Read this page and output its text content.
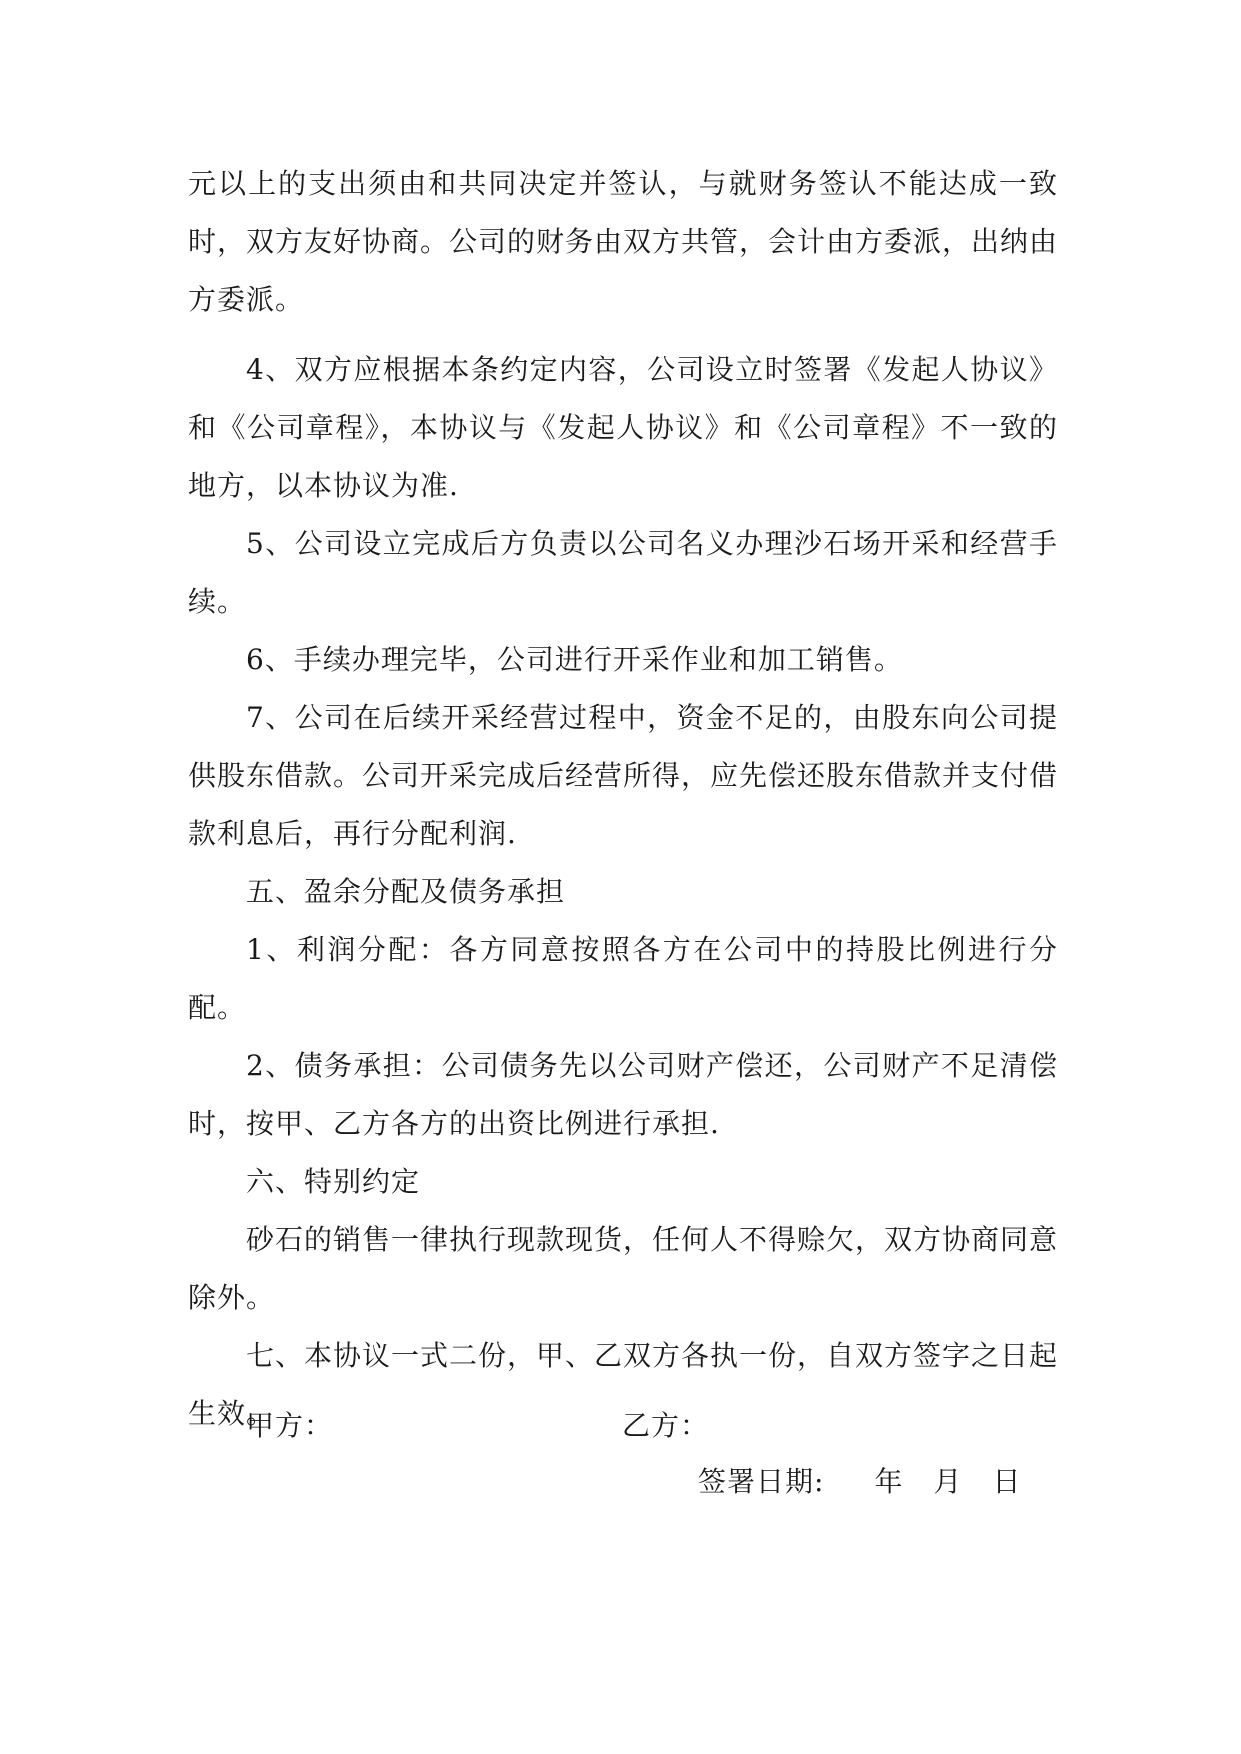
元以上的支出须由和共同决定并签认，与就财务签认不能达成一致时，双方友好协商。公司的财务由双方共管，会计由方委派，出纳由方委派。

4、双方应根据本条约定内容，公司设立时签署《发起人协议》和《公司章程》，本协议与《发起人协议》和《公司章程》不一致的地方，以本协议为准.

5、公司设立完成后方负责以公司名义办理沙石场开采和经营手续。

6、手续办理完毕，公司进行开采作业和加工销售。

7、公司在后续开采经营过程中，资金不足的，由股东向公司提供股东借款。公司开采完成后经营所得，应先偿还股东借款并支付借款利息后，再行分配利润.

五、盈余分配及债务承担

1、利润分配：各方同意按照各方在公司中的持股比例进行分配。

2、债务承担：公司债务先以公司财产偿还，公司财产不足清偿时，按甲、乙方各方的出资比例进行承担.

六、特别约定

砂石的销售一律执行现款现货，任何人不得赊欠，双方协商同意除外。

七、本协议一式二份，甲、乙双方各执一份，自双方签字之日起生效。

甲方：	乙方：
签署日期: 年 月 日
